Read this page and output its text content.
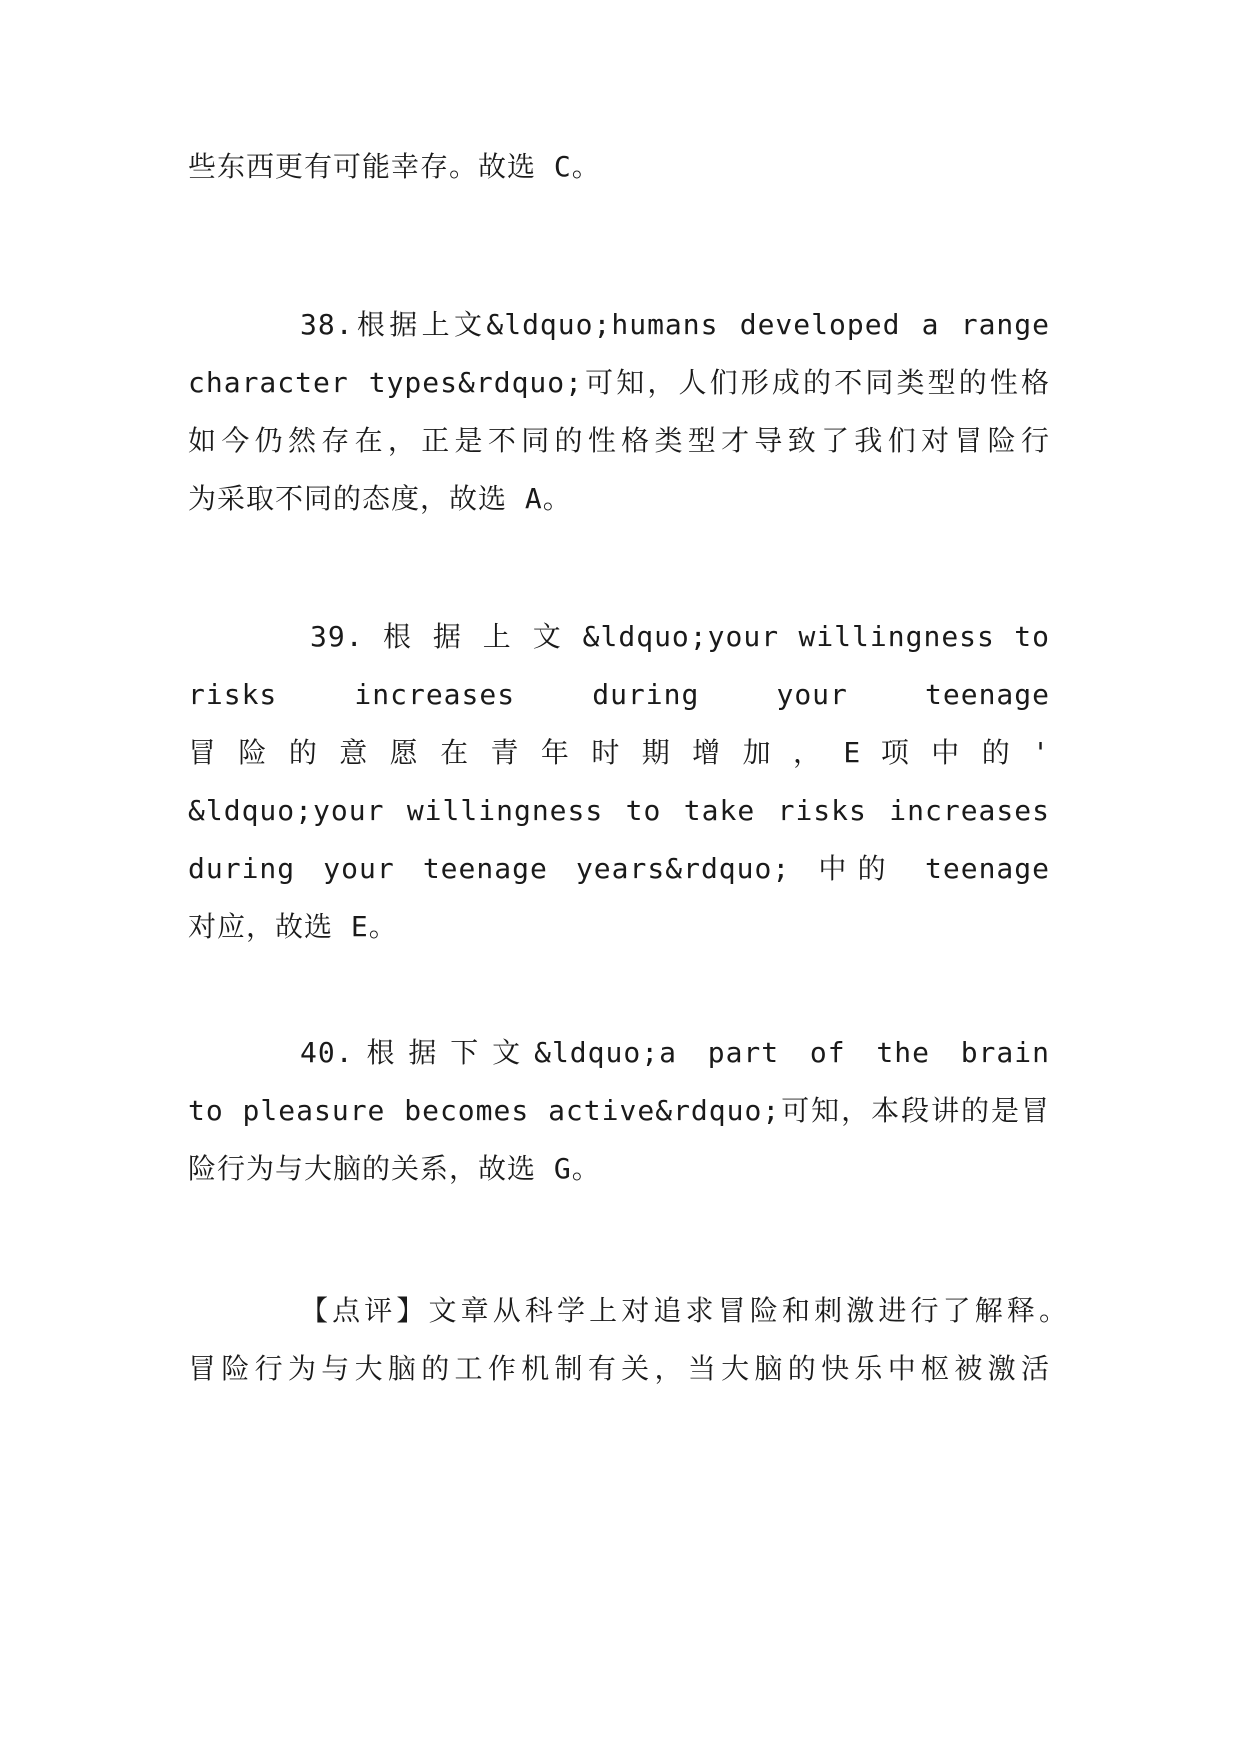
些东西更有可能幸存。故选 C。
38.根据上文&ldquo;humans developed a range
character types&rdquo;可知，人们形成的不同类型的性格
如今仍然存在，正是不同的性格类型才导致了我们对冒险行
为采取不同的态度，故选 A。
39. 根 据 上 文 &ldquo;your willingness to
risks increases during your teenage
冒 险 的 意 愿 在 青 年 时 期 增 加 ， E 项 中 的 '
&ldquo;your willingness to take risks increases
during your teenage years&rdquo; 中的 teenage
对应，故选 E。
40.根据下文&ldquo;a part of the brain
to pleasure becomes active&rdquo;可知，本段讲的是冒
险行为与大脑的关系，故选 G。
【点评】文章从科学上对追求冒险和刺激进行了解释。
冒险行为与大脑的工作机制有关，当大脑的快乐中枢被激活
